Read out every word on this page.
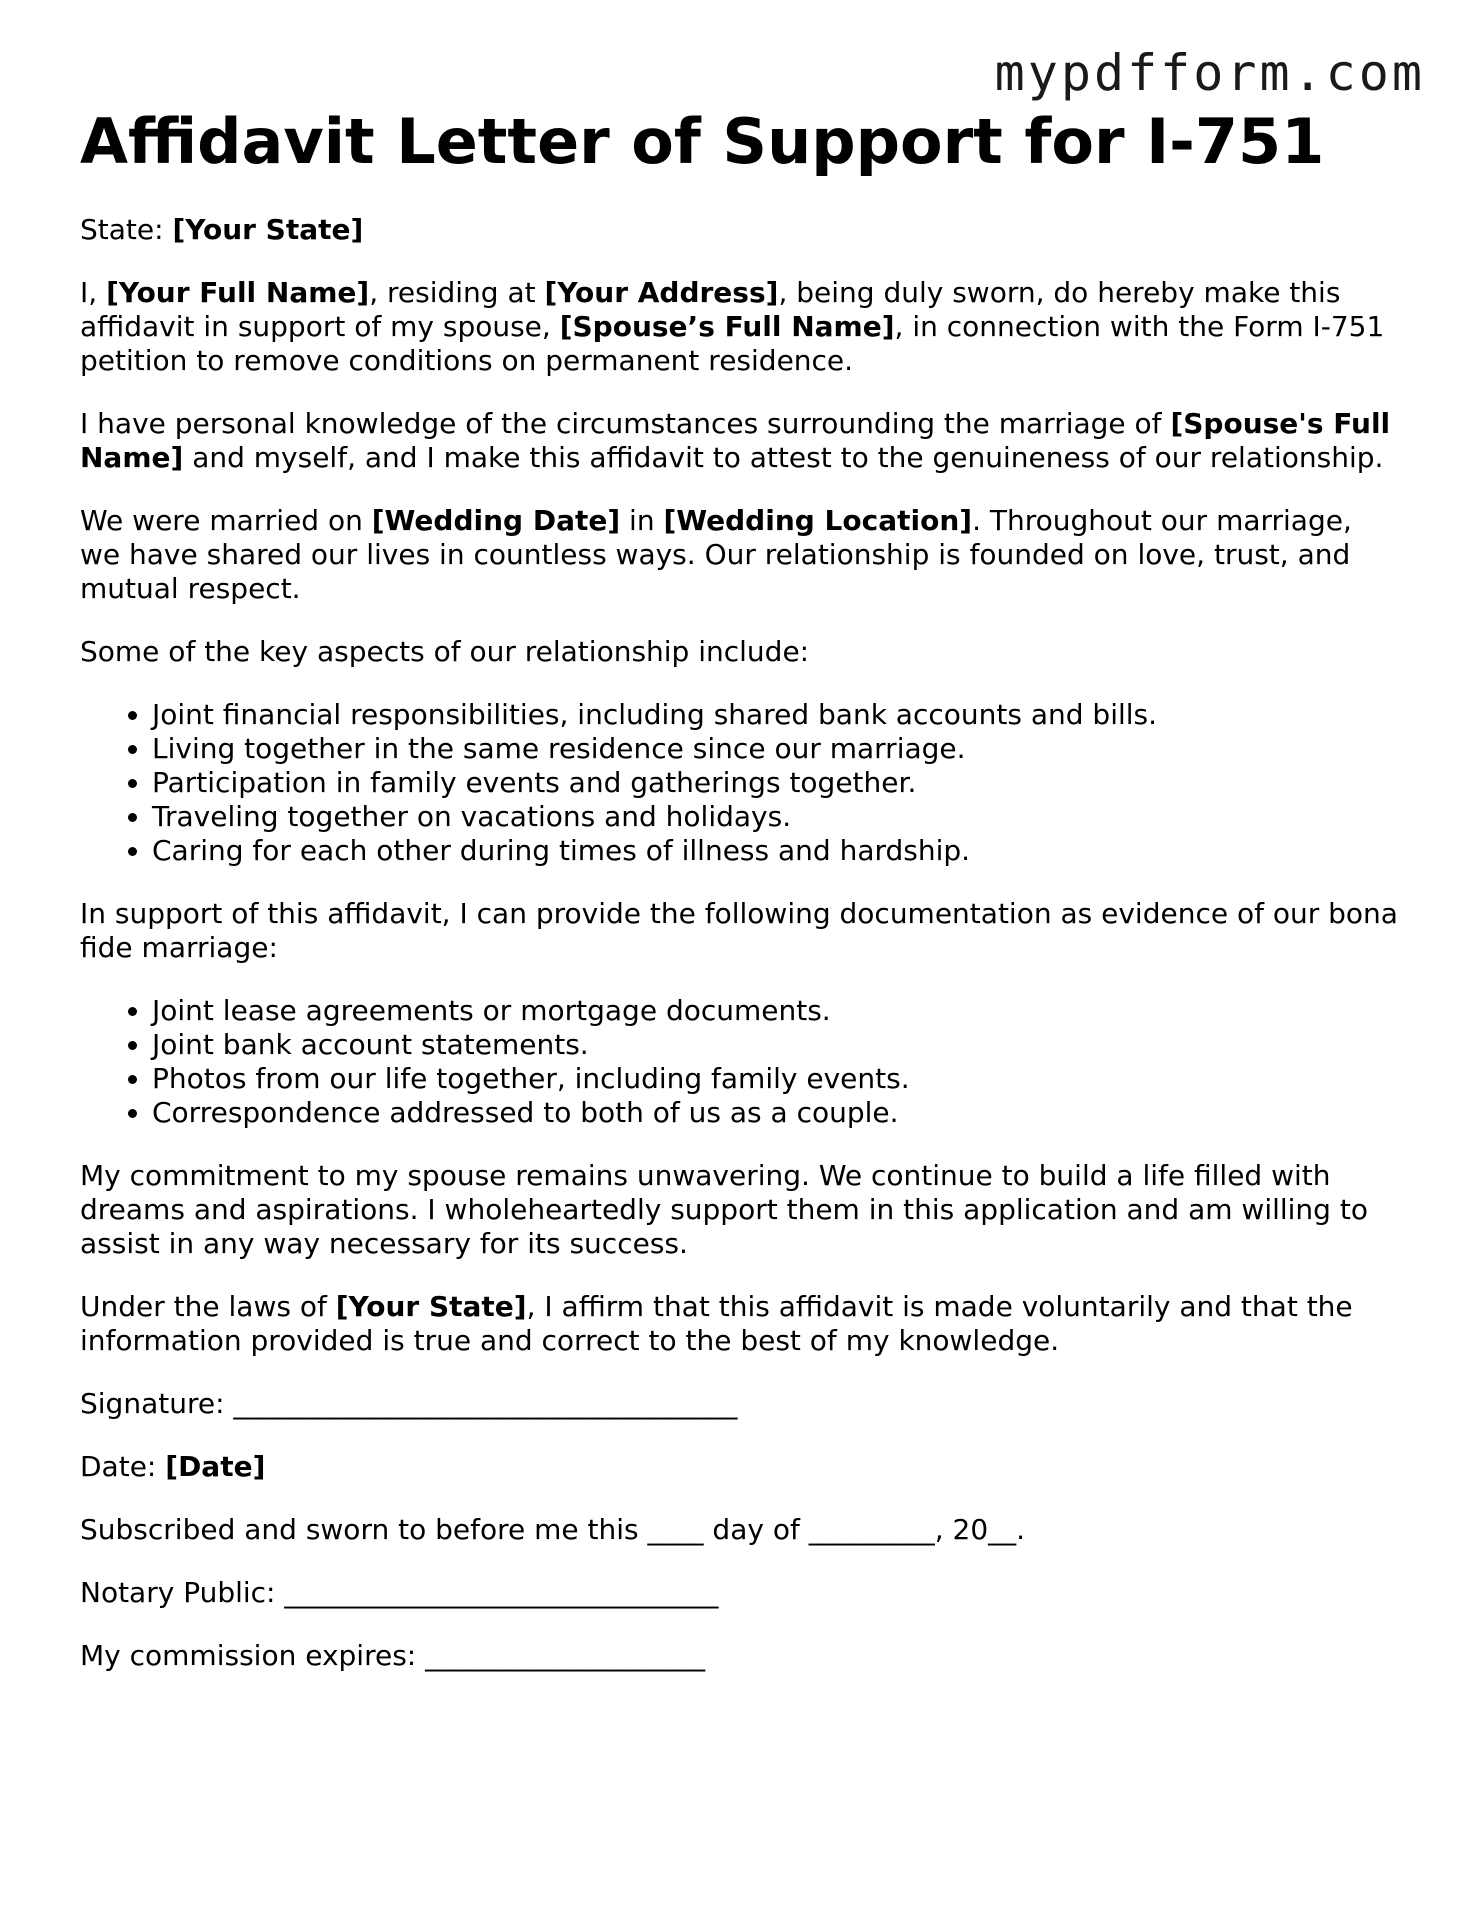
mypdfform.com
Affidavit Letter of Support for I-751

State: [Your State]

I, [Your Full Name], residing at [Your Address], being duly sworn, do hereby make this affidavit in support of my spouse, [Spouse’s Full Name], in connection with the Form I-751 petition to remove conditions on permanent residence.

I have personal knowledge of the circumstances surrounding the marriage of [Spouse's Full Name] and myself, and I make this affidavit to attest to the genuineness of our relationship.

We were married on [Wedding Date] in [Wedding Location]. Throughout our marriage, we have shared our lives in countless ways. Our relationship is founded on love, trust, and mutual respect.

Some of the key aspects of our relationship include:

• Joint financial responsibilities, including shared bank accounts and bills.
• Living together in the same residence since our marriage.
• Participation in family events and gatherings together.
• Traveling together on vacations and holidays.
• Caring for each other during times of illness and hardship.

In support of this affidavit, I can provide the following documentation as evidence of our bona fide marriage:

• Joint lease agreements or mortgage documents.
• Joint bank account statements.
• Photos from our life together, including family events.
• Correspondence addressed to both of us as a couple.

My commitment to my spouse remains unwavering. We continue to build a life filled with dreams and aspirations. I wholeheartedly support them in this application and am willing to assist in any way necessary for its success.

Under the laws of [Your State], I affirm that this affidavit is made voluntarily and that the information provided is true and correct to the best of my knowledge.

Signature: ____________________________________

Date: [Date]

Subscribed and sworn to before me this ____ day of _________, 20__.

Notary Public: _______________________________

My commission expires: ____________________
